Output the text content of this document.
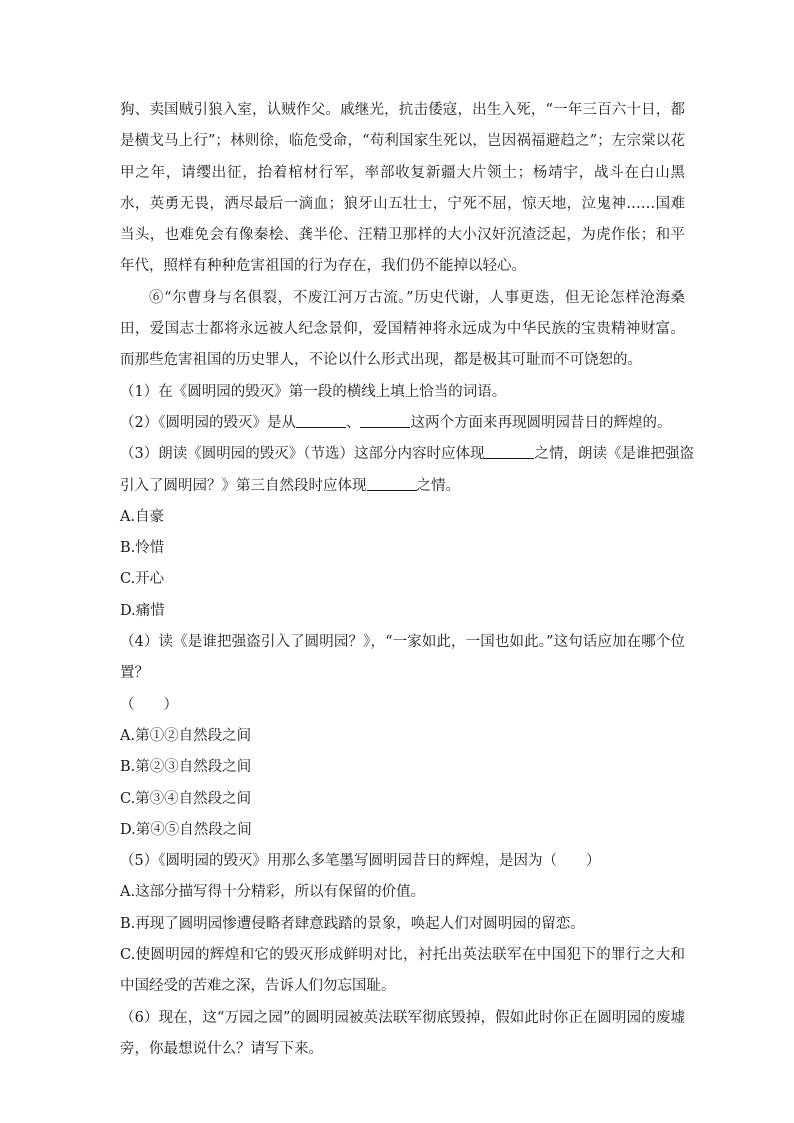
狗、卖国贼引狼入室，认贼作父。戚继光，抗击倭寇，出生入死，“一年三百六十日，都是横戈马上行”；林则徐，临危受命，“苟利国家生死以，岂因祸福避趋之”；左宗棠以花甲之年，请缨出征，抬着棺材行军，率部收复新疆大片领土；杨靖宇，战斗在白山黑水，英勇无畏，洒尽最后一滴血；狼牙山五壮士，宁死不屈，惊天地，泣鬼神……国难当头，也难免会有像秦桧、龚半伦、汪精卫那样的大小汉奸沉渣泛起，为虎作伥；和平年代，照样有种种危害祖国的行为存在，我们仍不能掉以轻心。

⑥“尔曹身与名俱裂，不废江河万古流。”历史代谢，人事更迭，但无论怎样沧海桑田，爱国志士都将永远被人纪念景仰，爱国精神将永远成为中华民族的宝贵精神财富。而那些危害祖国的历史罪人，不论以什么形式出现，都是极其可耻而不可饶恕的。

（1）在《圆明园的毁灭》第一段的横线上填上恰当的词语。

（2）《圆明园的毁灭》是从	、	这两个方面来再现圆明园昔日的辉煌的。

（3）朗读《圆明园的毁灭》（节选）这部分内容时应体现	之情，朗读《是谁把强盗

引入了圆明园？》第三自然段时应体现	之情。

A.自豪

B.怜惜

C.开心

D.痛惜

（4）读《是谁把强盗引入了圆明园？》，“一家如此，一国也如此。”这句话应加在哪个位置？

（　　）

A.第①②自然段之间

B.第②③自然段之间

C.第③④自然段之间

D.第④⑤自然段之间

（5）《圆明园的毁灭》用那么多笔墨写圆明园昔日的辉煌，是因为（　　）

A.这部分描写得十分精彩，所以有保留的价值。

B.再现了圆明园惨遭侵略者肆意践踏的景象，唤起人们对圆明园的留恋。

C.使圆明园的辉煌和它的毁灭形成鲜明对比，衬托出英法联军在中国犯下的罪行之大和中国经受的苦难之深，告诉人们勿忘国耻。

（6）现在，这“万园之园”的圆明园被英法联军彻底毁掉，假如此时你正在圆明园的废墟旁，你最想说什么？请写下来。
